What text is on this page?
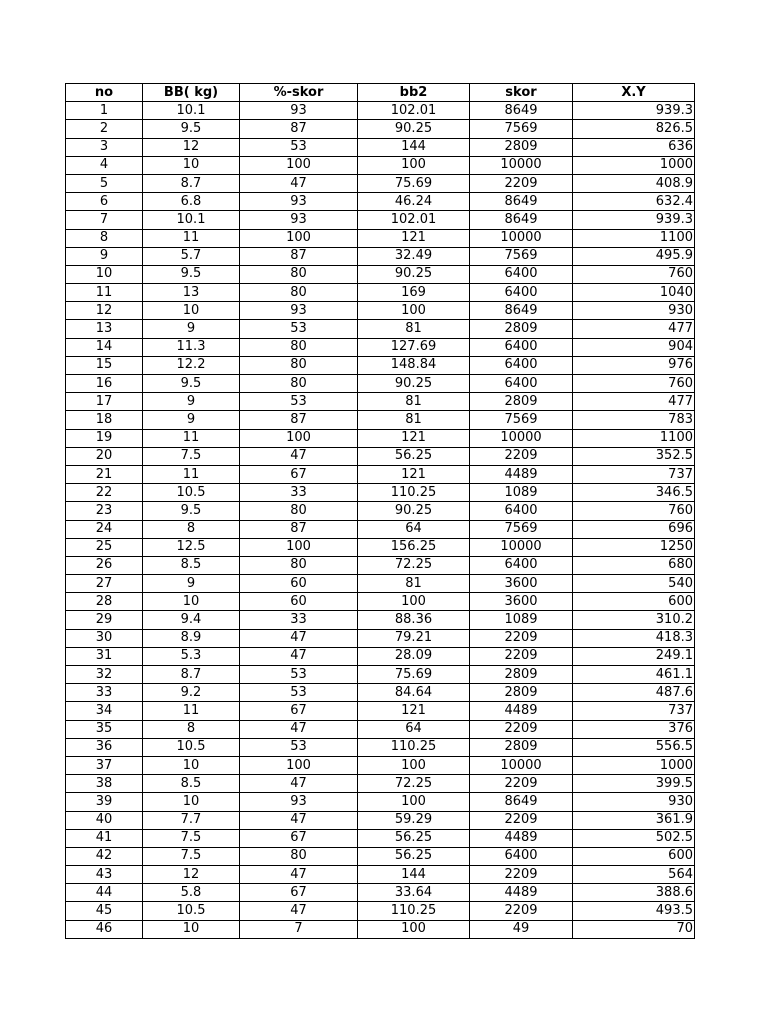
no	BB( kg)	%-skor	bb2	skor	X.Y
1	10.1	93	102.01	8649	939.3
2	9.5	87	90.25	7569	826.5
3	12	53	144	2809	636
4	10	100	100	10000	1000
5	8.7	47	75.69	2209	408.9
6	6.8	93	46.24	8649	632.4
7	10.1	93	102.01	8649	939.3
8	11	100	121	10000	1100
9	5.7	87	32.49	7569	495.9
10	9.5	80	90.25	6400	760
11	13	80	169	6400	1040
12	10	93	100	8649	930
13	9	53	81	2809	477
14	11.3	80	127.69	6400	904
15	12.2	80	148.84	6400	976
16	9.5	80	90.25	6400	760
17	9	53	81	2809	477
18	9	87	81	7569	783
19	11	100	121	10000	1100
20	7.5	47	56.25	2209	352.5
21	11	67	121	4489	737
22	10.5	33	110.25	1089	346.5
23	9.5	80	90.25	6400	760
24	8	87	64	7569	696
25	12.5	100	156.25	10000	1250
26	8.5	80	72.25	6400	680
27	9	60	81	3600	540
28	10	60	100	3600	600
29	9.4	33	88.36	1089	310.2
30	8.9	47	79.21	2209	418.3
31	5.3	47	28.09	2209	249.1
32	8.7	53	75.69	2809	461.1
33	9.2	53	84.64	2809	487.6
34	11	67	121	4489	737
35	8	47	64	2209	376
36	10.5	53	110.25	2809	556.5
37	10	100	100	10000	1000
38	8.5	47	72.25	2209	399.5
39	10	93	100	8649	930
40	7.7	47	59.29	2209	361.9
41	7.5	67	56.25	4489	502.5
42	7.5	80	56.25	6400	600
43	12	47	144	2209	564
44	5.8	67	33.64	4489	388.6
45	10.5	47	110.25	2209	493.5
46	10	7	100	49	70
